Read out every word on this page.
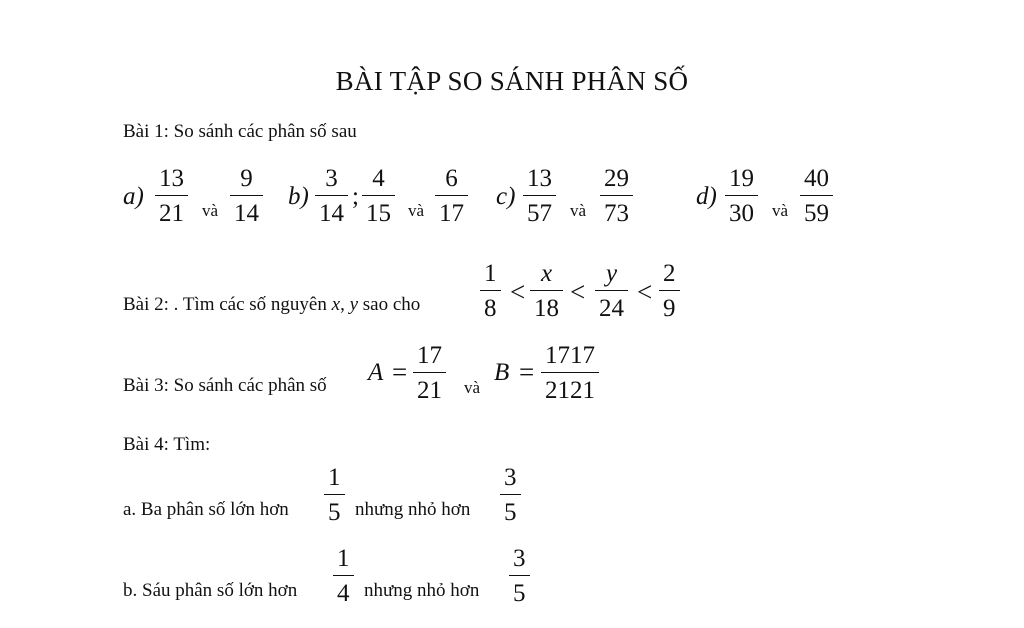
BÀI TẬP SO SÁNH PHÂN SỐ
Bài 1: So sánh các phân số sau
a)
13
21 và
9
14
b)
3
14
;
4
15 và
6
17
c)
13
57 và
29
73
d)
19
30 và
40
59
Bài 2: . Tìm các số nguyên x, y sao cho
1
8
<
x
18
<
y
24
<
2
9
Bài 3: So sánh các phân số A =
17
21 và
B =
1717
2121
Bài 4: Tìm:
a. Ba phân số lớn hơn
1
5 nhưng nhỏ hơn
3
5
b. Sáu phân số lớn hơn
1
4 nhưng nhỏ hơn
3
5
